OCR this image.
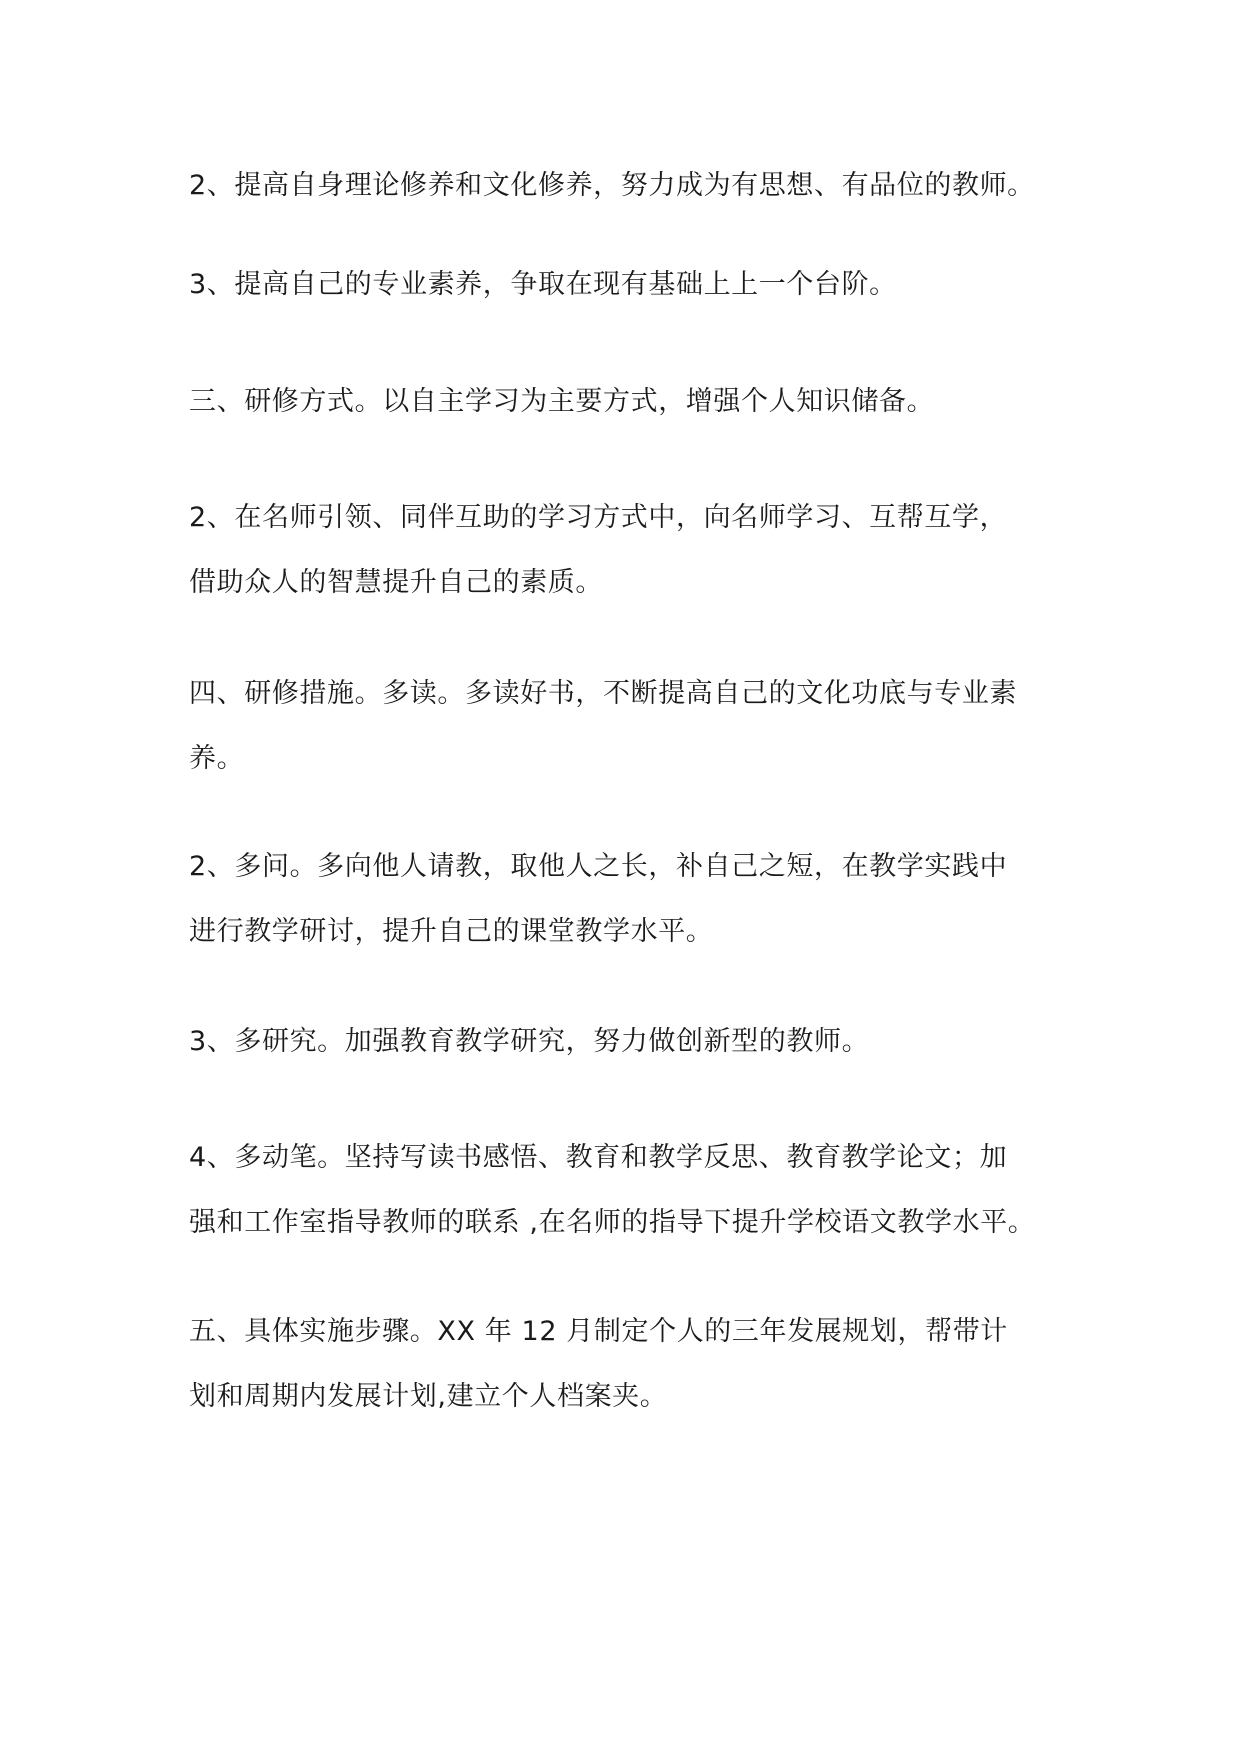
2、提高自身理论修养和文化修养，努力成为有思想、有品位的教师。

3、提高自己的专业素养，争取在现有基础上上一个台阶。

三、研修方式。以自主学习为主要方式，增强个人知识储备。

2、在名师引领、同伴互助的学习方式中，向名师学习、互帮互学，
借助众人的智慧提升自己的素质。

四、研修措施。多读。多读好书，不断提高自己的文化功底与专业素
养。

2、多问。多向他人请教，取他人之长，补自己之短，在教学实践中
进行教学研讨，提升自己的课堂教学水平。

3、多研究。加强教育教学研究，努力做创新型的教师。

4、多动笔。坚持写读书感悟、教育和教学反思、教育教学论文；加
强和工作室指导教师的联系 ,在名师的指导下提升学校语文教学水平。

五、具体实施步骤。XX 年 12 月制定个人的三年发展规划，帮带计
划和周期内发展计划,建立个人档案夹。
